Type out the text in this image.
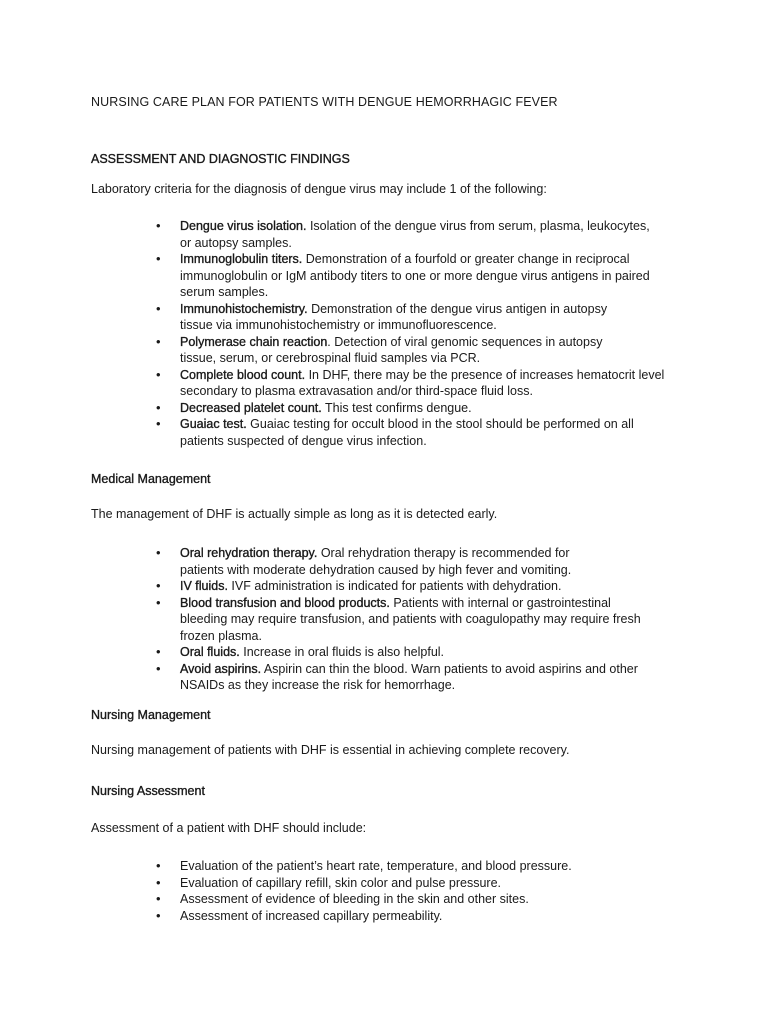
NURSING CARE PLAN FOR PATIENTS WITH DENGUE HEMORRHAGIC FEVER
ASSESSMENT AND DIAGNOSTIC FINDINGS
Laboratory criteria for the diagnosis of dengue virus may include 1 of the following:
• Dengue virus isolation. Isolation of the dengue virus from serum, plasma, leukocytes, or autopsy samples.
• Immunoglobulin titers. Demonstration of a fourfold or greater change in reciprocal immunoglobulin or IgM antibody titers to one or more dengue virus antigens in paired serum samples.
• Immunohistochemistry. Demonstration of the dengue virus antigen in autopsy tissue via immunohistochemistry or immunofluorescence.
• Polymerase chain reaction. Detection of viral genomic sequences in autopsy tissue, serum, or cerebrospinal fluid samples via PCR.
• Complete blood count. In DHF, there may be the presence of increases hematocrit level secondary to plasma extravasation and/or third-space fluid loss.
• Decreased platelet count. This test confirms dengue.
• Guaiac test. Guaiac testing for occult blood in the stool should be performed on all patients suspected of dengue virus infection.
Medical Management
The management of DHF is actually simple as long as it is detected early.
• Oral rehydration therapy. Oral rehydration therapy is recommended for patients with moderate dehydration caused by high fever and vomiting.
• IV fluids. IVF administration is indicated for patients with dehydration.
• Blood transfusion and blood products. Patients with internal or gastrointestinal bleeding may require transfusion, and patients with coagulopathy may require fresh frozen plasma.
• Oral fluids. Increase in oral fluids is also helpful.
• Avoid aspirins. Aspirin can thin the blood. Warn patients to avoid aspirins and other NSAIDs as they increase the risk for hemorrhage.
Nursing Management
Nursing management of patients with DHF is essential in achieving complete recovery.
Nursing Assessment
Assessment of a patient with DHF should include:
• Evaluation of the patient’s heart rate, temperature, and blood pressure.
• Evaluation of capillary refill, skin color and pulse pressure.
• Assessment of evidence of bleeding in the skin and other sites.
• Assessment of increased capillary permeability.
